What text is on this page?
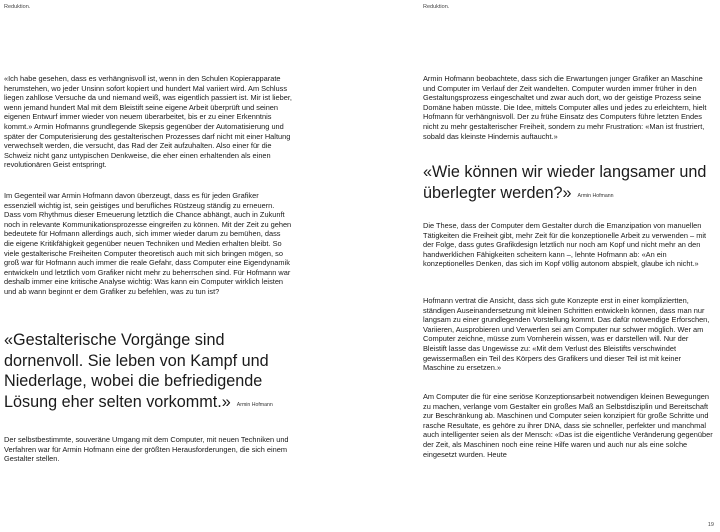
Reduktion.

«Ich habe gesehen, dass es verhängnisvoll ist, wenn in den Schulen Kopierapparate herumstehen, wo jeder Unsinn sofort kopiert und hundert Mal variiert wird. Am Schluss liegen zahllose Versuche da und niemand weiß, was eigentlich passiert ist. Mir ist lieber, wenn jemand hundert Mal mit dem Bleistift seine eigene Arbeit überprüft und seinen eigenen Entwurf immer wieder von neuem überarbeitet, bis er zu einer Erkenntnis kommt.» Armin Hofmanns grundlegende Skepsis gegenüber der Automatisierung und später der Computerisierung des gestalterischen Prozesses darf nicht mit einer Haltung verwechselt werden, die versucht, das Rad der Zeit aufzuhalten. Also einer für die Schweiz nicht ganz untypischen Denkweise, die eher einen erhaltenden als einen revolutionären Geist entspringt.

Im Gegenteil war Armin Hofmann davon überzeugt, dass es für jeden Grafiker essenziell wichtig ist, sein geistiges und berufliches Rüstzeug ständig zu erneuern. Dass vom Rhythmus dieser Erneuerung letztlich die Chance abhängt, auch in Zukunft noch in relevante Kommunikationsprozesse eingreifen zu können. Mit der Zeit zu gehen bedeutete für Hofmann allerdings auch, sich immer wieder darum zu bemühen, dass die eigene Kritikfähigkeit gegenüber neuen Techniken und Medien erhalten bleibt. So viele gestalterische Freiheiten Computer theoretisch auch mit sich bringen mögen, so groß war für Hofmann auch immer die reale Gefahr, dass Computer eine Eigendynamik entwickeln und letztlich vom Grafiker nicht mehr zu beherrschen sind. Für Hofmann war deshalb immer eine kritische Analyse wichtig: Was kann ein Computer wirklich leisten und ab wann beginnt er dem Grafiker zu befehlen, was zu tun ist?

«Gestalterische Vorgänge sind dornenvoll. Sie leben von Kampf und Niederlage, wobei die befriedigende Lösung eher selten vorkommt.» Armin Hofmann

Der selbstbestimmte, souveräne Umgang mit dem Computer, mit neuen Techniken und Verfahren war für Armin Hofmann eine der größten Herausforderungen, die sich einem Gestalter stellen.

Reduktion.

Armin Hofmann beobachtete, dass sich die Erwartungen junger Grafiker an Maschine und Computer im Verlauf der Zeit wandelten. Computer wurden immer früher in den Gestaltungsprozess eingeschaltet und zwar auch dort, wo der geistige Prozess seine Domäne haben müsste. Die Idee, mittels Computer alles und jedes zu erleichtern, hielt Hofmann für verhängnisvoll. Der zu frühe Einsatz des Computers führe letzten Endes nicht zu mehr gestalterischer Freiheit, sondern zu mehr Frustration: «Man ist frustriert, sobald das kleinste Hindernis auftaucht.»

«Wie können wir wieder langsamer und überlegter werden?» Armin Hofmann

Die These, dass der Computer dem Gestalter durch die Emanzipation von manuellen Tätigkeiten die Freiheit gibt, mehr Zeit für die konzeptionelle Arbeit zu verwenden – mit der Folge, dass gutes Grafikdesign letztlich nur noch am Kopf und nicht mehr an den handwerklichen Fähigkeiten scheitern kann –, lehnte Hofmann ab: «An ein konzeptionelles Denken, das sich im Kopf völlig autonom abspielt, glaube ich nicht.»

Hofmann vertrat die Ansicht, dass sich gute Konzepte erst in einer kompliziertten, ständigen Auseinandersetzung mit kleinen Schritten entwickeln können, dass man nur langsam zu einer grundlegenden Vorstellung kommt. Das dafür notwendige Erforschen, Variieren, Ausprobieren und Verwerfen sei am Computer nur schwer möglich. Wer am Computer zeichne, müsse zum Vornherein wissen, was er darstellen will. Nur der Bleistift lasse das Ungewisse zu: «Mit dem Verlust des Bleistifts verschwindet gewissermaßen ein Teil des Körpers des Grafikers und dieser Teil ist mit keiner Maschine zu ersetzen.»

Am Computer die für eine seriöse Konzeptionsarbeit notwendigen kleinen Bewegungen zu machen, verlange vom Gestalter ein großes Maß an Selbstdisziplin und Bereitschaft zur Beschränkung ab. Maschinen und Computer seien konzipiert für große Schritte und rasche Resultate, es gehöre zu ihrer DNA, dass sie schneller, perfekter und manchmal auch intelligenter seien als der Mensch: «Das ist die eigentliche Veränderung gegenüber der Zeit, als Maschinen noch eine reine Hilfe waren und auch nur als eine solche eingesetzt wurden. Heute

19
